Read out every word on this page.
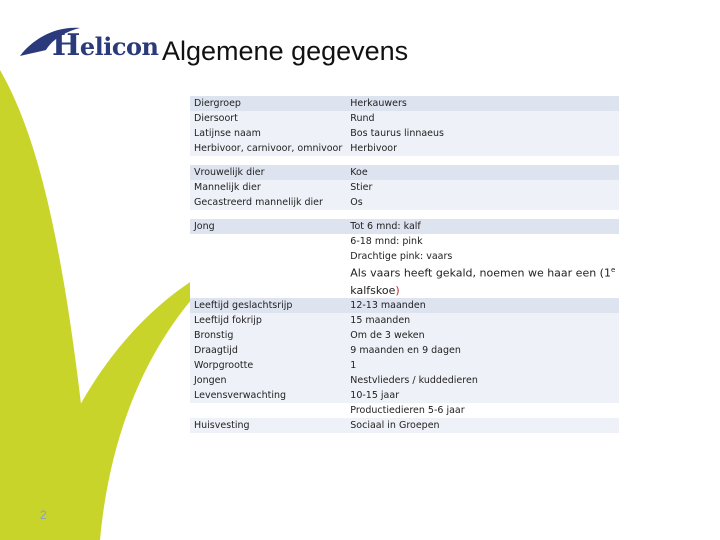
Helicon Algemene gegevens
Diergroep	Herkauwers
Diersoort	Rund
Latijnse naam	Bos taurus linnaeus
Herbivoor, carnivoor, omnivoor	Herbivoor

Vrouwelijk dier	Koe
Mannelijk dier	Stier
Gecastreerd mannelijk dier	Os

Jong	Tot 6 mnd: kalf
	6-18 mnd: pink
	Drachtige pink: vaars
	Als vaars heeft gekald, noemen we haar een (1e
	kalfskoe)
Leeftijd geslachtsrijp	12-13 maanden
Leeftijd fokrijp	15 maanden
Bronstig	Om de 3 weken
Draagtijd	9 maanden en 9 dagen
Worpgrootte	1
Jongen	Nestvlieders / kuddedieren
Levensverwachting	10-15 jaar
	Productiedieren 5-6 jaar
Huisvesting	Sociaal in Groepen
2
